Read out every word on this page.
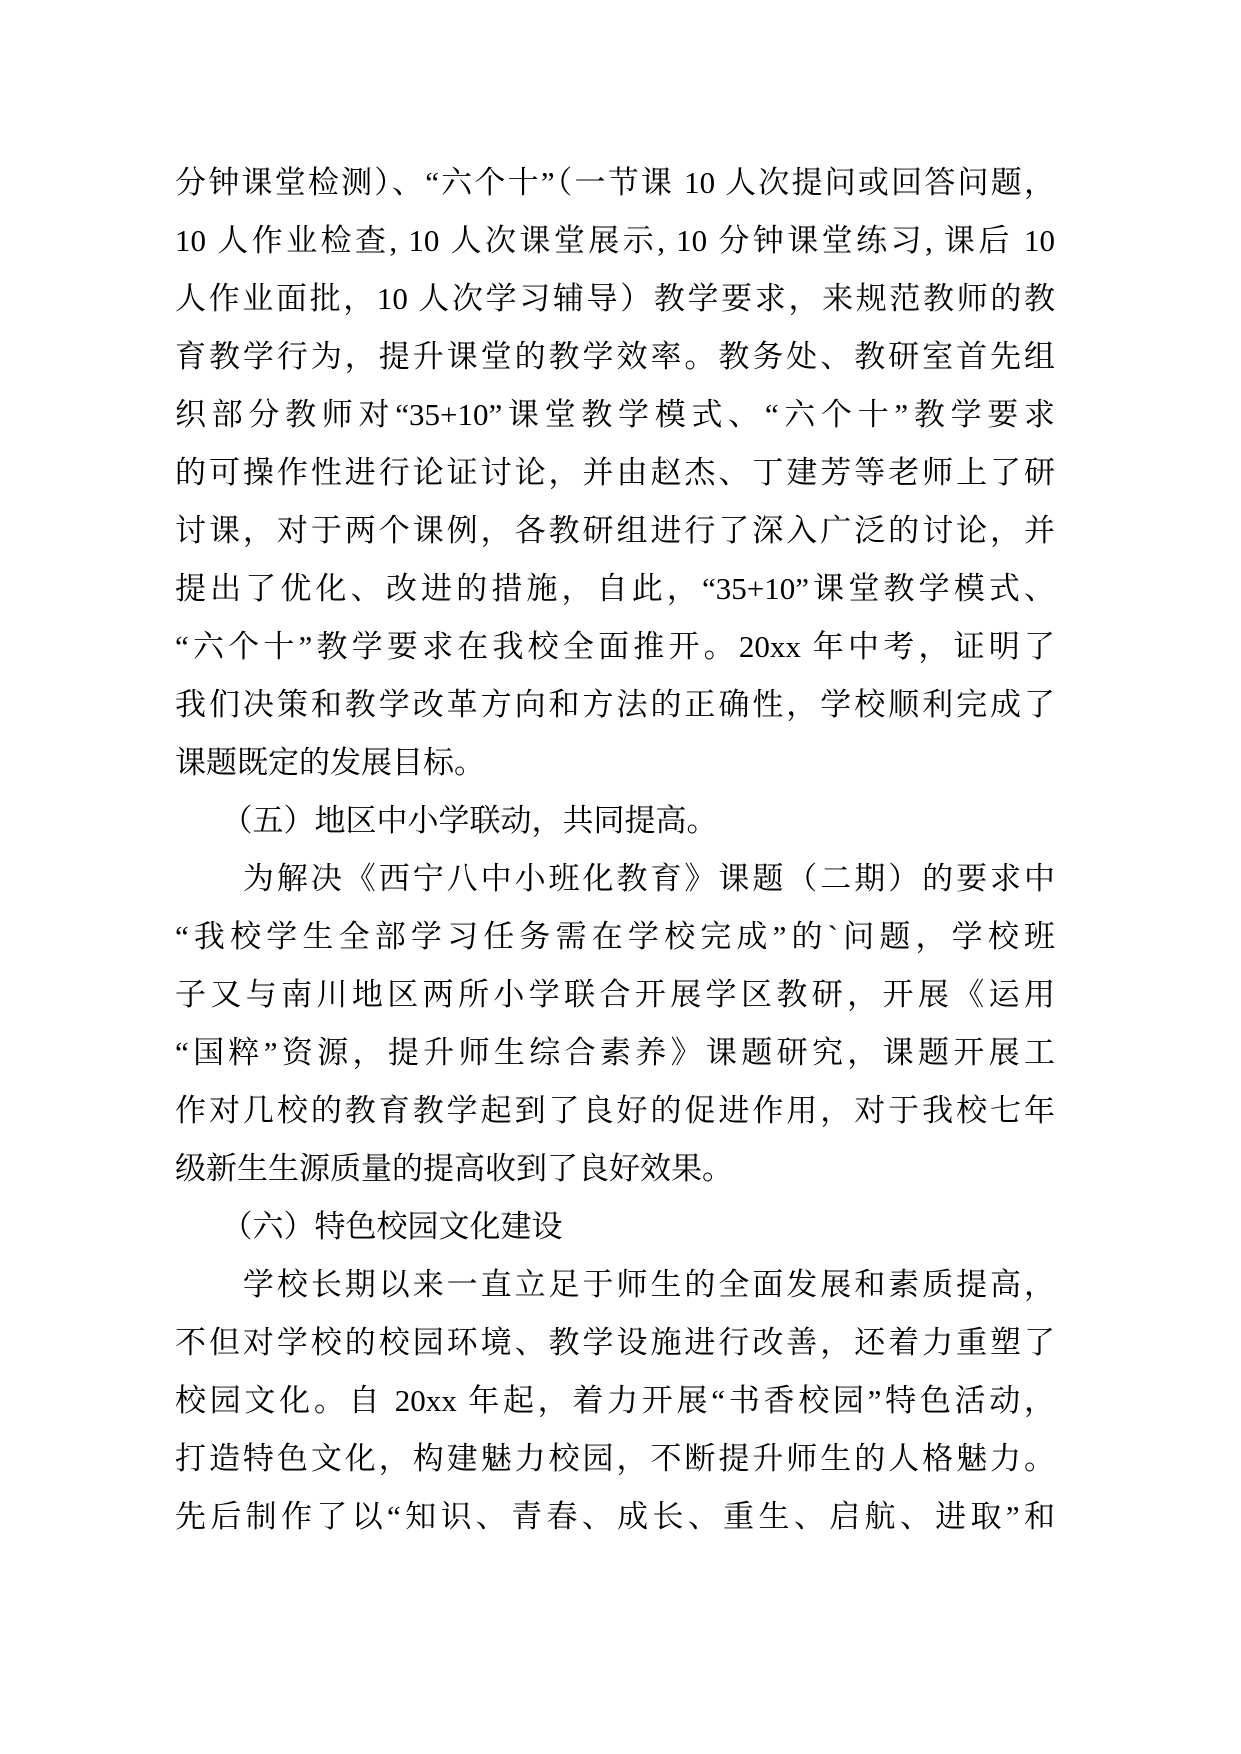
分钟课堂检测）、“六个十”（一节课 10 人次提问或回答问题，
10 人作业检查, 10 人次课堂展示, 10 分钟课堂练习, 课后 10
人作业面批，10 人次学习辅导）教学要求，来规范教师的教
育教学行为，提升课堂的教学效率。教务处、教研室首先组
织部分教师对“35+10”课堂教学模式、“六个十”教学要求
的可操作性进行论证讨论，并由赵杰、丁建芳等老师上了研
讨课，对于两个课例，各教研组进行了深入广泛的讨论，并
提出了优化、改进的措施，自此，“35+10”课堂教学模式、
“六个十”教学要求在我校全面推开。20xx 年中考，证明了
我们决策和教学改革方向和方法的正确性，学校顺利完成了
课题既定的发展目标。
　　（五）地区中小学联动，共同提高。
　　为解决《西宁八中小班化教育》课题（二期）的要求中
“我校学生全部学习任务需在学校完成”的`问题，学校班
子又与南川地区两所小学联合开展学区教研，开展《运用
“国粹”资源，提升师生综合素养》课题研究，课题开展工
作对几校的教育教学起到了良好的促进作用，对于我校七年
级新生生源质量的提高收到了良好效果。
　　（六）特色校园文化建设
　　学校长期以来一直立足于师生的全面发展和素质提高，
不但对学校的校园环境、教学设施进行改善，还着力重塑了
校园文化。自 20xx 年起，着力开展“书香校园”特色活动，
打造特色文化，构建魅力校园，不断提升师生的人格魅力。
先后制作了以“知识、青春、成长、重生、启航、进取”和
